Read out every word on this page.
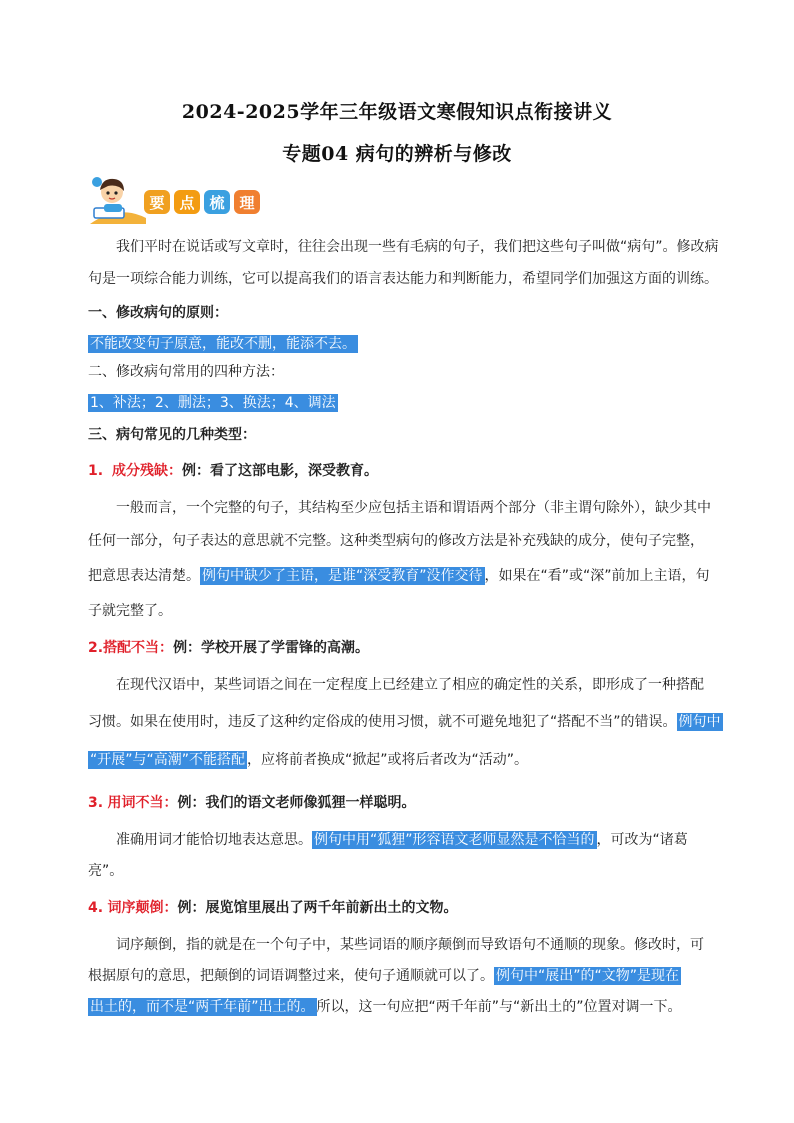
2024-2025学年三年级语文寒假知识点衔接讲义
专题04 病句的辨析与修改
要 点 梳 理
我们平时在说话或写文章时，往往会出现一些有毛病的句子，我们把这些句子叫做“病句”。修改病
句是一项综合能力训练，它可以提高我们的语言表达能力和判断能力，希望同学们加强这方面的训练。
一、修改病句的原则：
不能改变句子原意，能改不删，能添不去。
二、修改病句常用的四种方法：
1、补法；2、删法；3、换法；4、调法
三、病句常见的几种类型：
1. 成分残缺：例：看了这部电影，深受教育。
一般而言，一个完整的句子，其结构至少应包括主语和谓语两个部分（非主谓句除外），缺少其中
任何一部分，句子表达的意思就不完整。这种类型病句的修改方法是补充残缺的成分，使句子完整，
把意思表达清楚。 例句中缺少了主语，是谁“深受教育”没作交待 ，如果在“看”或“深”前加上主语，句
子就完整了。
2.搭配不当：例：学校开展了学雷锋的高潮。
在现代汉语中，某些词语之间在一定程度上已经建立了相应的确定性的关系，即形成了一种搭配
习惯。如果在使用时，违反了这种约定俗成的使用习惯，就不可避免地犯了“搭配不当”的错误。 例句中
“开展”与“高潮”不能搭配 ，应将前者换成“掀起”或将后者改为“活动”。
3. 用词不当：例：我们的语文老师像狐狸一样聪明。
准确用词才能恰切地表达意思。 例句中用“狐狸”形容语文老师显然是不恰当的 ，可改为“诸葛
亮”。
4. 词序颠倒：例：展览馆里展出了两千年前新出土的文物。
词序颠倒，指的就是在一个句子中，某些词语的顺序颠倒而导致语句不通顺的现象。修改时，可
根据原句的意思，把颠倒的词语调整过来，使句子通顺就可以了。 例句中“展出”的“文物”是现在
出土的，而不是“两千年前”出土的。 所以，这一句应把“两千年前”与“新出土的”位置对调一下。
